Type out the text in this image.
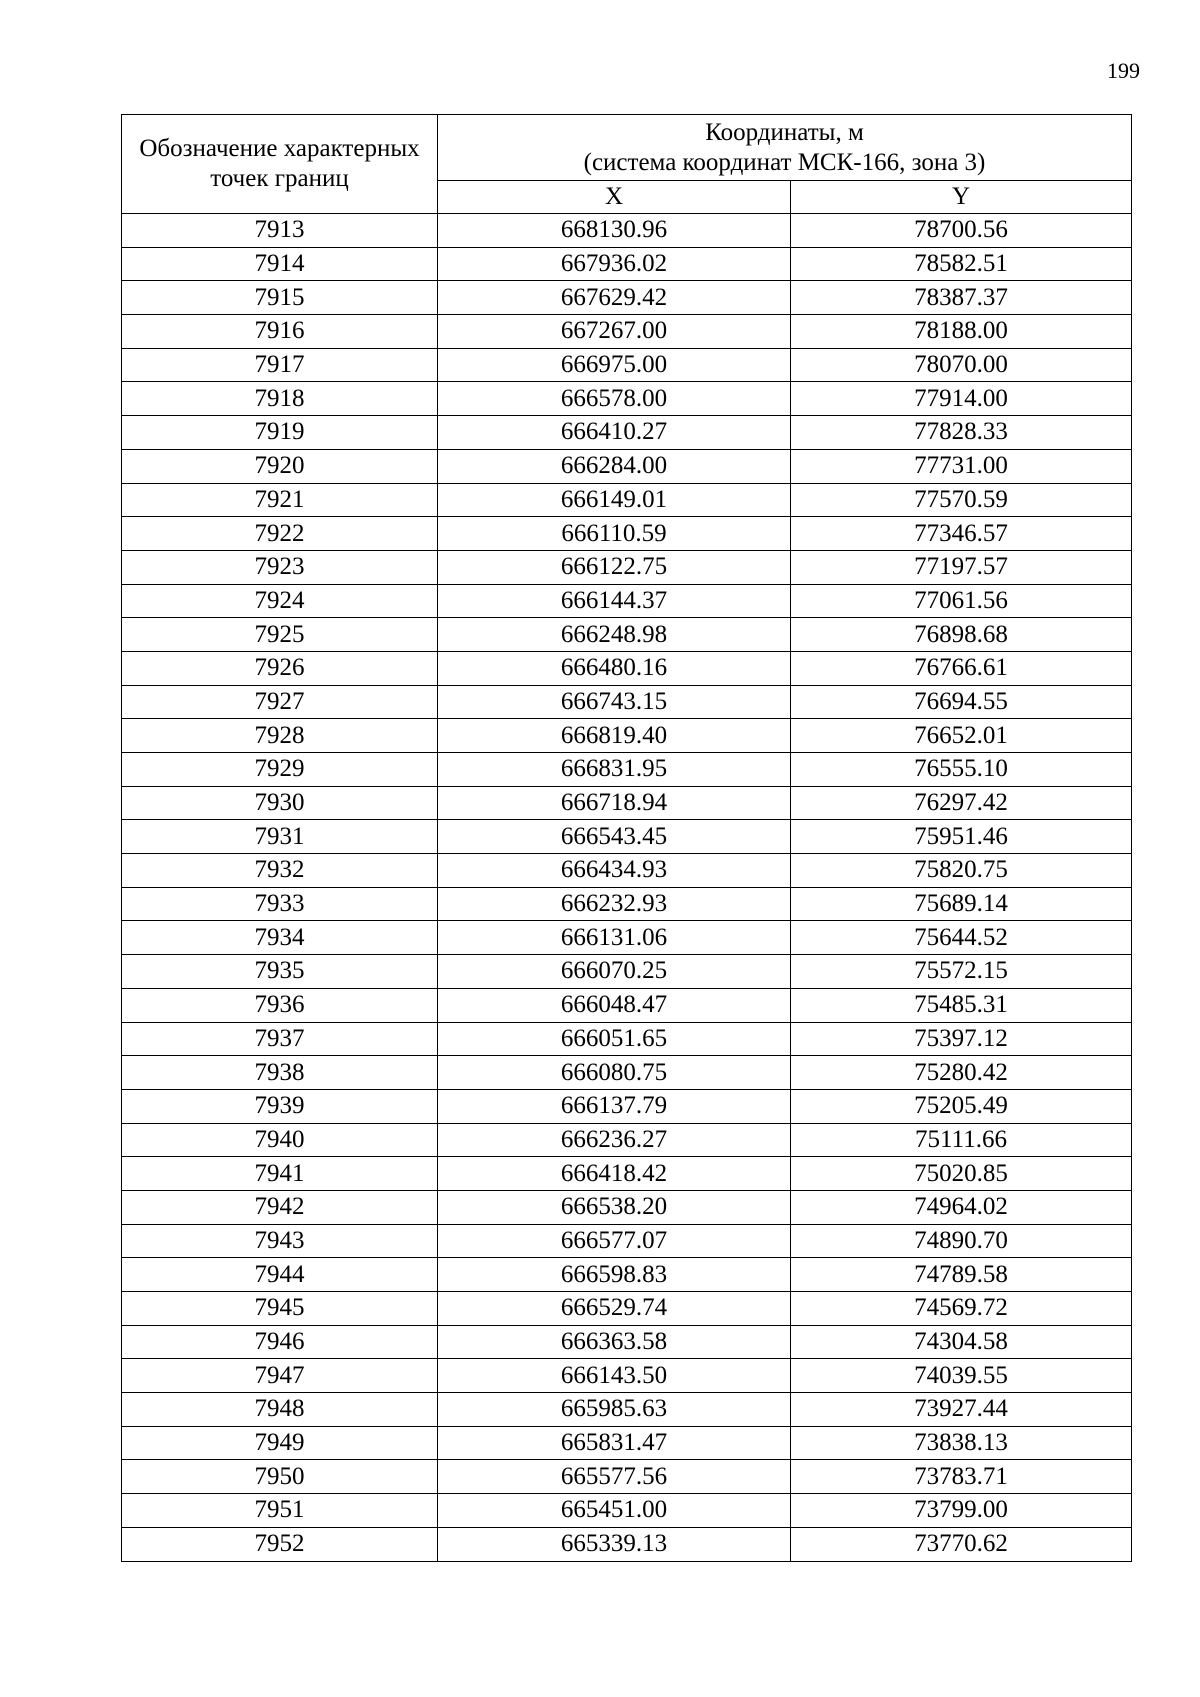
199
Обозначение характерных точек границ	Координаты, м
(система координат МСК-166, зона 3)	
	X	Y
7913	668130.96	78700.56
7914	667936.02	78582.51
7915	667629.42	78387.37
7916	667267.00	78188.00
7917	666975.00	78070.00
7918	666578.00	77914.00
7919	666410.27	77828.33
7920	666284.00	77731.00
7921	666149.01	77570.59
7922	666110.59	77346.57
7923	666122.75	77197.57
7924	666144.37	77061.56
7925	666248.98	76898.68
7926	666480.16	76766.61
7927	666743.15	76694.55
7928	666819.40	76652.01
7929	666831.95	76555.10
7930	666718.94	76297.42
7931	666543.45	75951.46
7932	666434.93	75820.75
7933	666232.93	75689.14
7934	666131.06	75644.52
7935	666070.25	75572.15
7936	666048.47	75485.31
7937	666051.65	75397.12
7938	666080.75	75280.42
7939	666137.79	75205.49
7940	666236.27	75111.66
7941	666418.42	75020.85
7942	666538.20	74964.02
7943	666577.07	74890.70
7944	666598.83	74789.58
7945	666529.74	74569.72
7946	666363.58	74304.58
7947	666143.50	74039.55
7948	665985.63	73927.44
7949	665831.47	73838.13
7950	665577.56	73783.71
7951	665451.00	73799.00
7952	665339.13	73770.62
